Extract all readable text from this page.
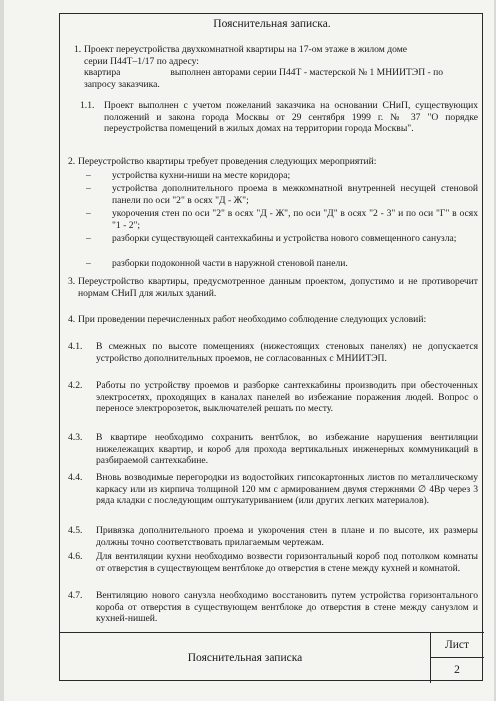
Пояснительная записка.
1. Проект переустройства двухкомнатной квартиры на 17-ом этаже в жилом доме
серии П44Т–1/17 по адресу:
квартира	выполнен авторами серии П44Т - мастерской № 1 МНИИТЭП - по
запросу заказчика.
1.1. Проект выполнен с учетом пожеланий заказчика на основании СНиП, существующих положений и закона города Москвы от 29 сентября 1999 г. № 37 "О порядке переустройства помещений в жилых домах на территории города Москвы".
2. Переустройство квартиры требует проведения следующих мероприятий:
– устройства кухни-ниши на месте коридора;
– устройства дополнительного проема в межкомнатной внутренней несущей стеновой панели по оси "2" в осях "Д - Ж";
– укорочения стен по оси "2" в осях "Д - Ж", по оси "Д" в осях "2 - 3" и по оси "Г" в осях "1 - 2";
– разборки существующей сантехкабины и устройства нового совмещенного санузла;
– разборки подоконной части в наружной стеновой панели.
3. Переустройство квартиры, предусмотренное данным проектом, допустимо и не противоречит нормам СНиП для жилых зданий.
4. При проведении перечисленных работ необходимо соблюдение следующих условий:
4.1. В смежных по высоте помещениях (нижестоящих стеновых панелях) не допускается устройство дополнительных проемов, не согласованных с МНИИТЭП.
4.2. Работы по устройству проемов и разборке сантехкабины производить при обесточенных электросетях, проходящих в каналах панелей во избежание поражения людей. Вопрос о переносе электророзеток, выключателей решать по месту.
4.3. В квартире необходимо сохранить вентблок, во избежание нарушения вентиляции нижележащих квартир, и короб для прохода вертикальных инженерных коммуникаций в разбираемой сантехкабине.
4.4. Вновь возводимые перегородки из водостойких гипсокартонных листов по металлическому каркасу или из кирпича толщиной 120 мм с армированием двумя стержнями ∅ 4Вр через 3 ряда кладки с последующим оштукатуриванием (или других легких материалов).
4.5. Привязка дополнительного проема и укорочения стен в плане и по высоте, их размеры должны точно соответствовать прилагаемым чертежам.
4.6. Для вентиляции кухни необходимо возвести горизонтальный короб под потолком комнаты от отверстия в существующем вентблоке до отверстия в стене между кухней и комнатой.
4.7. Вентиляцию нового санузла необходимо восстановить путем устройства горизонтального короба от отверстия в существующем вентблоке до отверстия в стене между санузлом и кухней-нишей.
Пояснительная записка
Лист
2
